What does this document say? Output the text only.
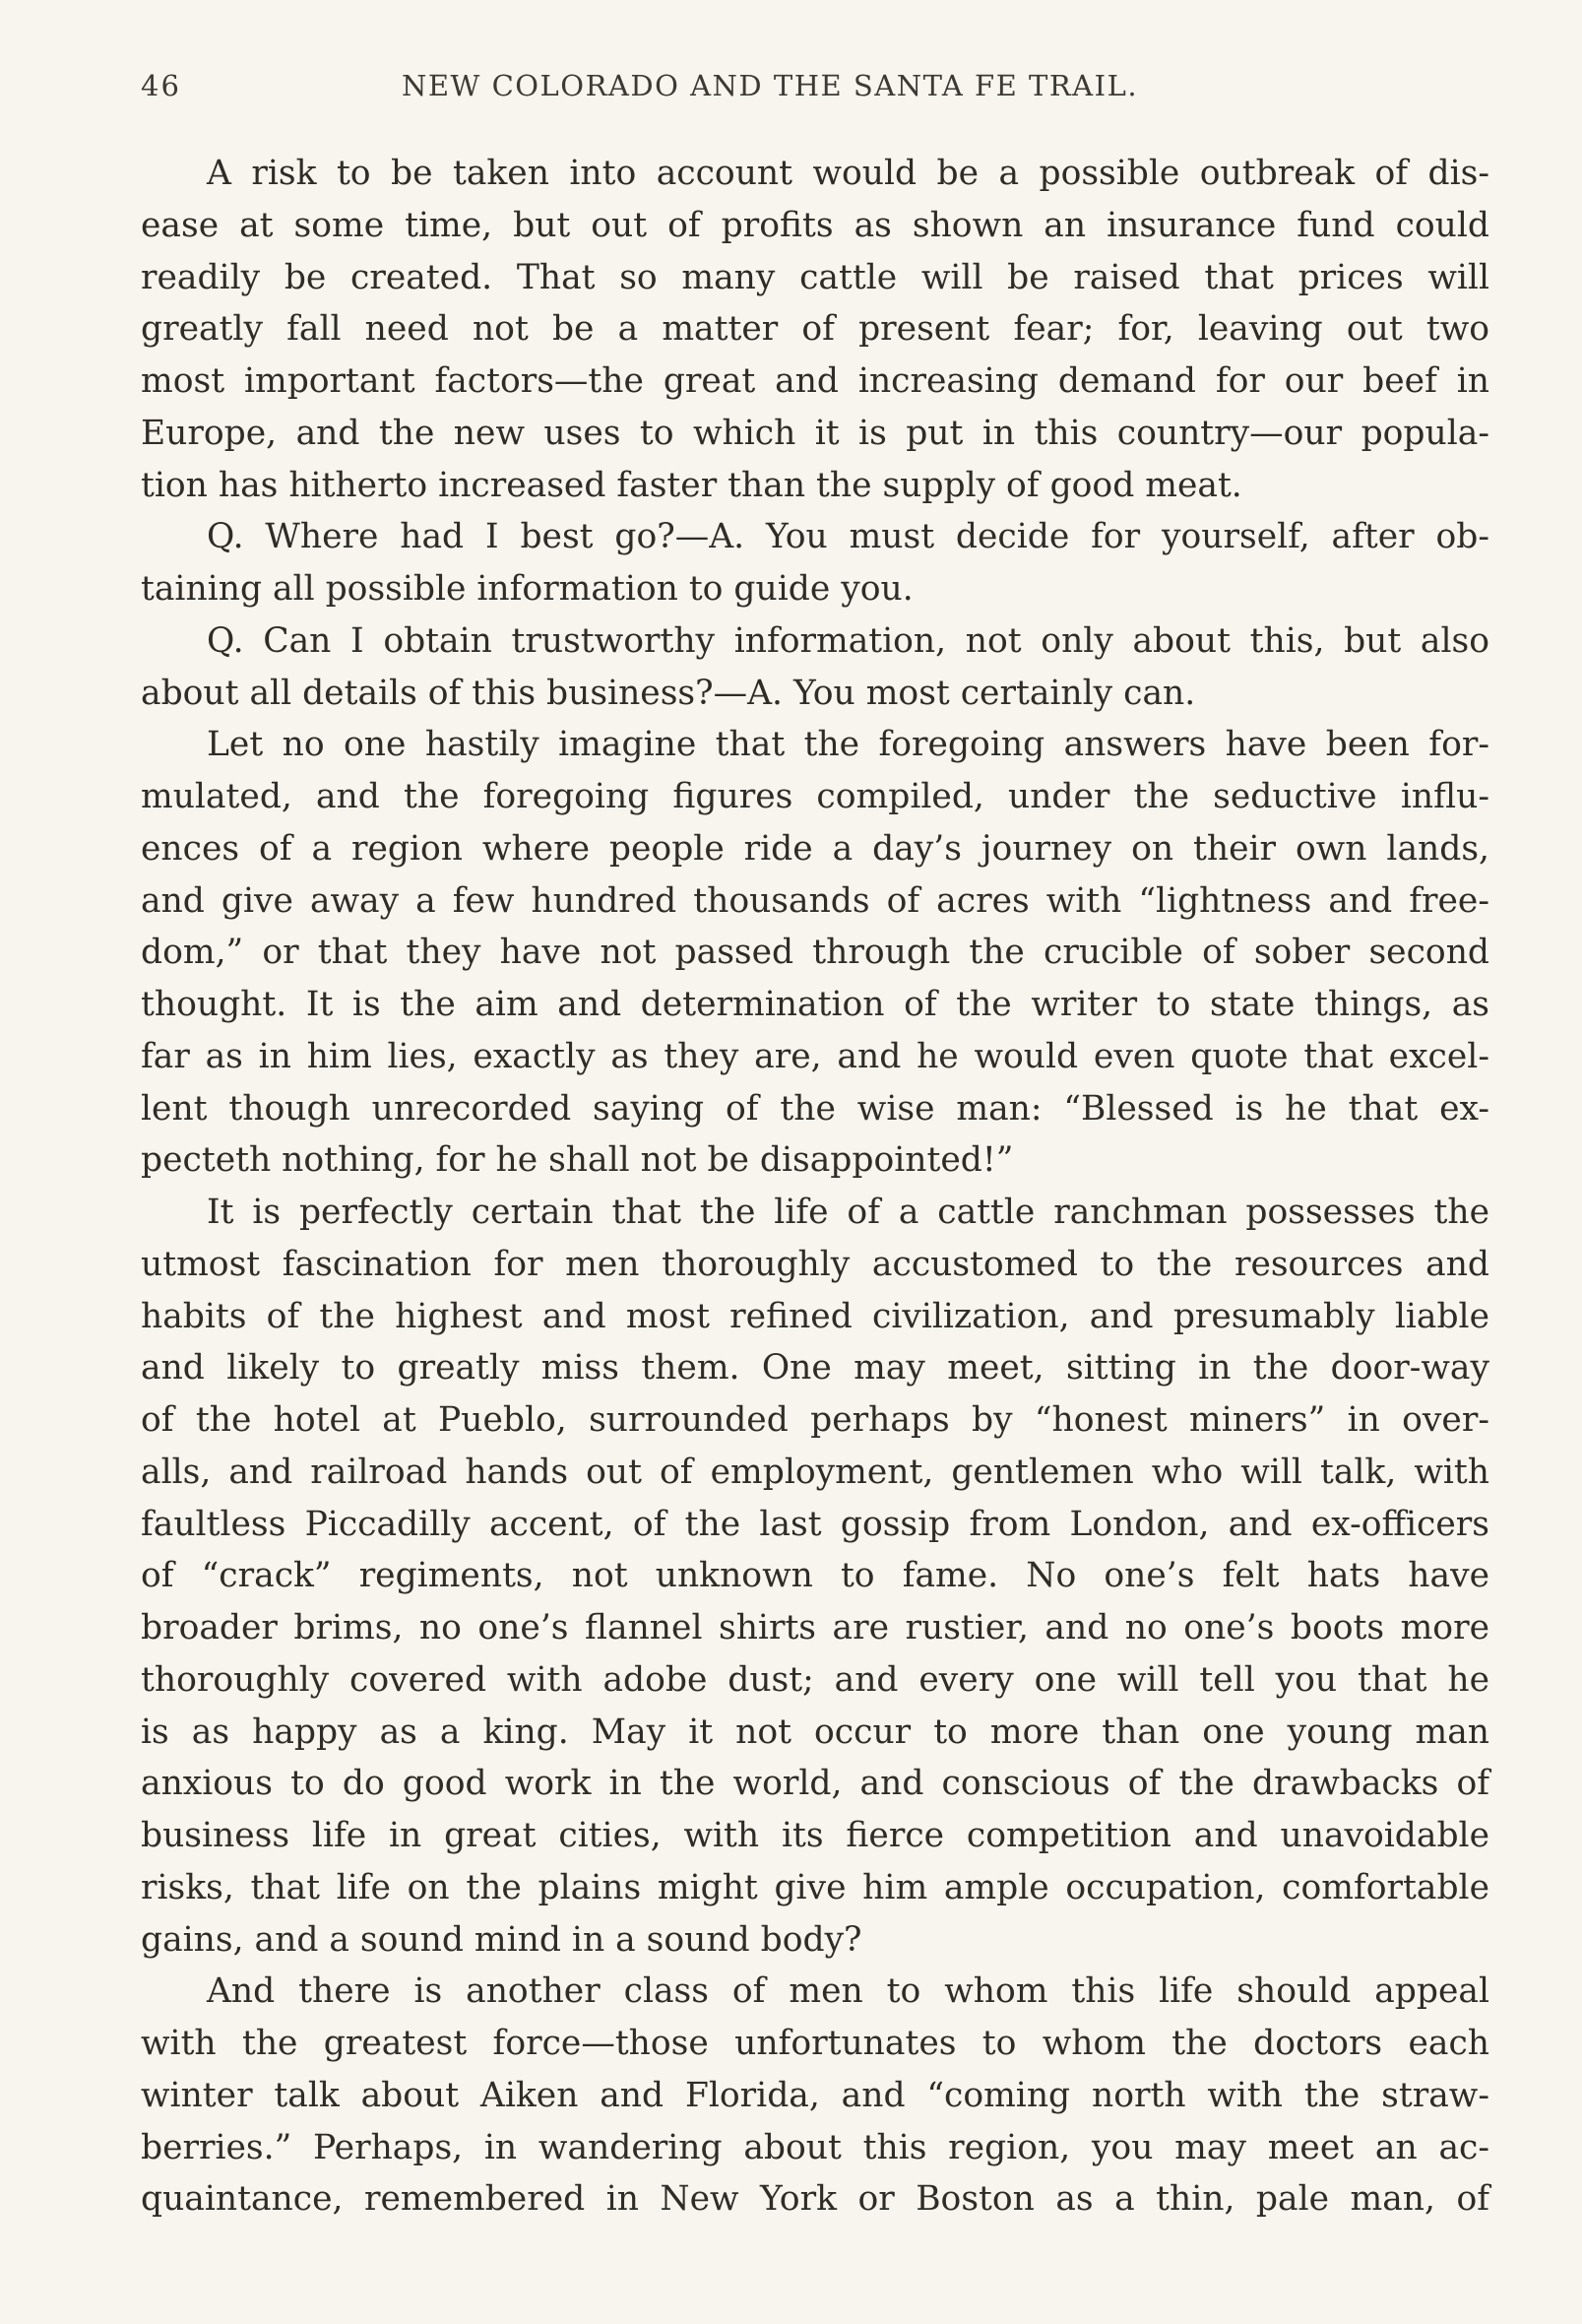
46	NEW COLORADO AND THE SANTA FE TRAIL.
A risk to be taken into account would be a possible outbreak of dis-
ease at some time, but out of profits as shown an insurance fund could
readily be created. That so many cattle will be raised that prices will
greatly fall need not be a matter of present fear; for, leaving out two
most important factors—the great and increasing demand for our beef in
Europe, and the new uses to which it is put in this country—our popula-
tion has hitherto increased faster than the supply of good meat.
Q. Where had I best go?—A. You must decide for yourself, after ob-
taining all possible information to guide you.
Q. Can I obtain trustworthy information, not only about this, but also
about all details of this business?—A. You most certainly can.
Let no one hastily imagine that the foregoing answers have been for-
mulated, and the foregoing figures compiled, under the seductive influ-
ences of a region where people ride a day’s journey on their own lands,
and give away a few hundred thousands of acres with “lightness and free-
dom,” or that they have not passed through the crucible of sober second
thought. It is the aim and determination of the writer to state things, as
far as in him lies, exactly as they are, and he would even quote that excel-
lent though unrecorded saying of the wise man: “Blessed is he that ex-
pecteth nothing, for he shall not be disappointed!”
It is perfectly certain that the life of a cattle ranchman possesses the
utmost fascination for men thoroughly accustomed to the resources and
habits of the highest and most refined civilization, and presumably liable
and likely to greatly miss them. One may meet, sitting in the door-way
of the hotel at Pueblo, surrounded perhaps by “honest miners” in over-
alls, and railroad hands out of employment, gentlemen who will talk, with
faultless Piccadilly accent, of the last gossip from London, and ex-officers
of “crack” regiments, not unknown to fame. No one’s felt hats have
broader brims, no one’s flannel shirts are rustier, and no one’s boots more
thoroughly covered with adobe dust; and every one will tell you that he
is as happy as a king. May it not occur to more than one young man
anxious to do good work in the world, and conscious of the drawbacks of
business life in great cities, with its fierce competition and unavoidable
risks, that life on the plains might give him ample occupation, comfortable
gains, and a sound mind in a sound body?
And there is another class of men to whom this life should appeal
with the greatest force—those unfortunates to whom the doctors each
winter talk about Aiken and Florida, and “coming north with the straw-
berries.” Perhaps, in wandering about this region, you may meet an ac-
quaintance, remembered in New York or Boston as a thin, pale man, of
